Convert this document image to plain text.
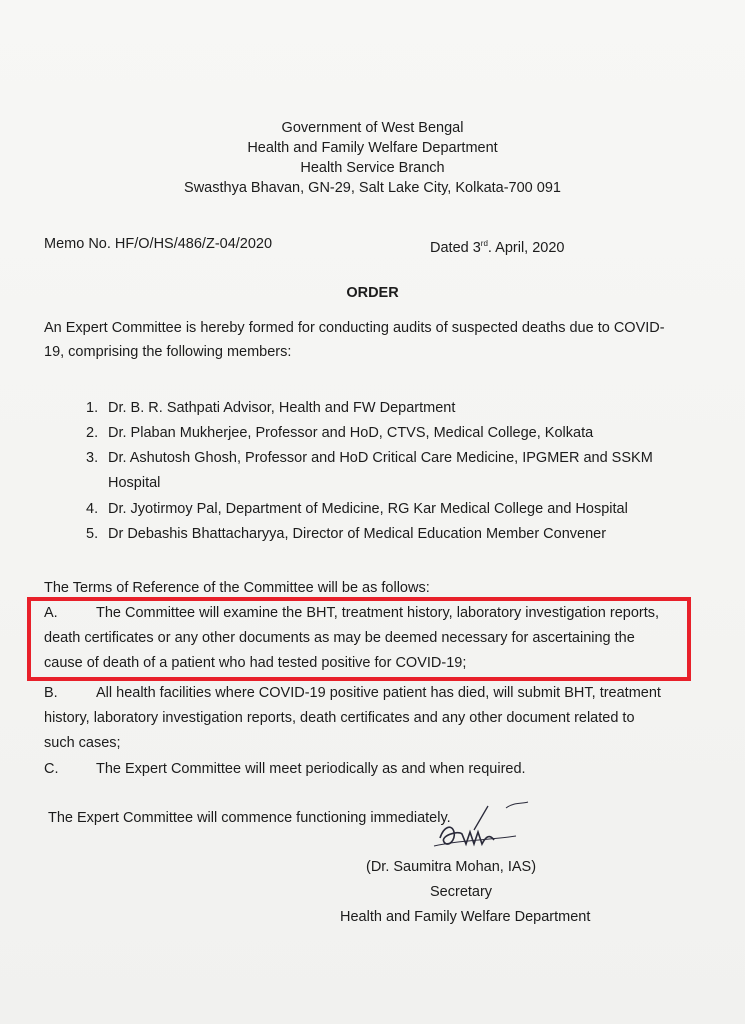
Government of West Bengal
Health and Family Welfare Department
Health Service Branch
Swasthya Bhavan, GN-29, Salt Lake City, Kolkata-700 091
Memo No. HF/O/HS/486/Z-04/2020	Dated 3rd. April, 2020
ORDER
An Expert Committee is hereby formed for conducting audits of suspected deaths due to COVID-
19, comprising the following members:
1. Dr. B. R. Sathpati Advisor, Health and FW Department
2. Dr. Plaban Mukherjee, Professor and HoD, CTVS, Medical College, Kolkata
3. Dr. Ashutosh Ghosh, Professor and HoD Critical Care Medicine, IPGMER and SSKM
Hospital
4. Dr. Jyotirmoy Pal, Department of Medicine, RG Kar Medical College and Hospital
5. Dr Debashis Bhattacharyya, Director of Medical Education Member Convener
The Terms of Reference of the Committee will be as follows:
A.	The Committee will examine the BHT, treatment history, laboratory investigation reports,
death certificates or any other documents as may be deemed necessary for ascertaining the
cause of death of a patient who had tested positive for COVID-19;
B.	All health facilities where COVID-19 positive patient has died, will submit BHT, treatment
history, laboratory investigation reports, death certificates and any other document related to
such cases;
C.	The Expert Committee will meet periodically as and when required.
The Expert Committee will commence functioning immediately.
(Dr. Saumitra Mohan, IAS)
Secretary
Health and Family Welfare Department
